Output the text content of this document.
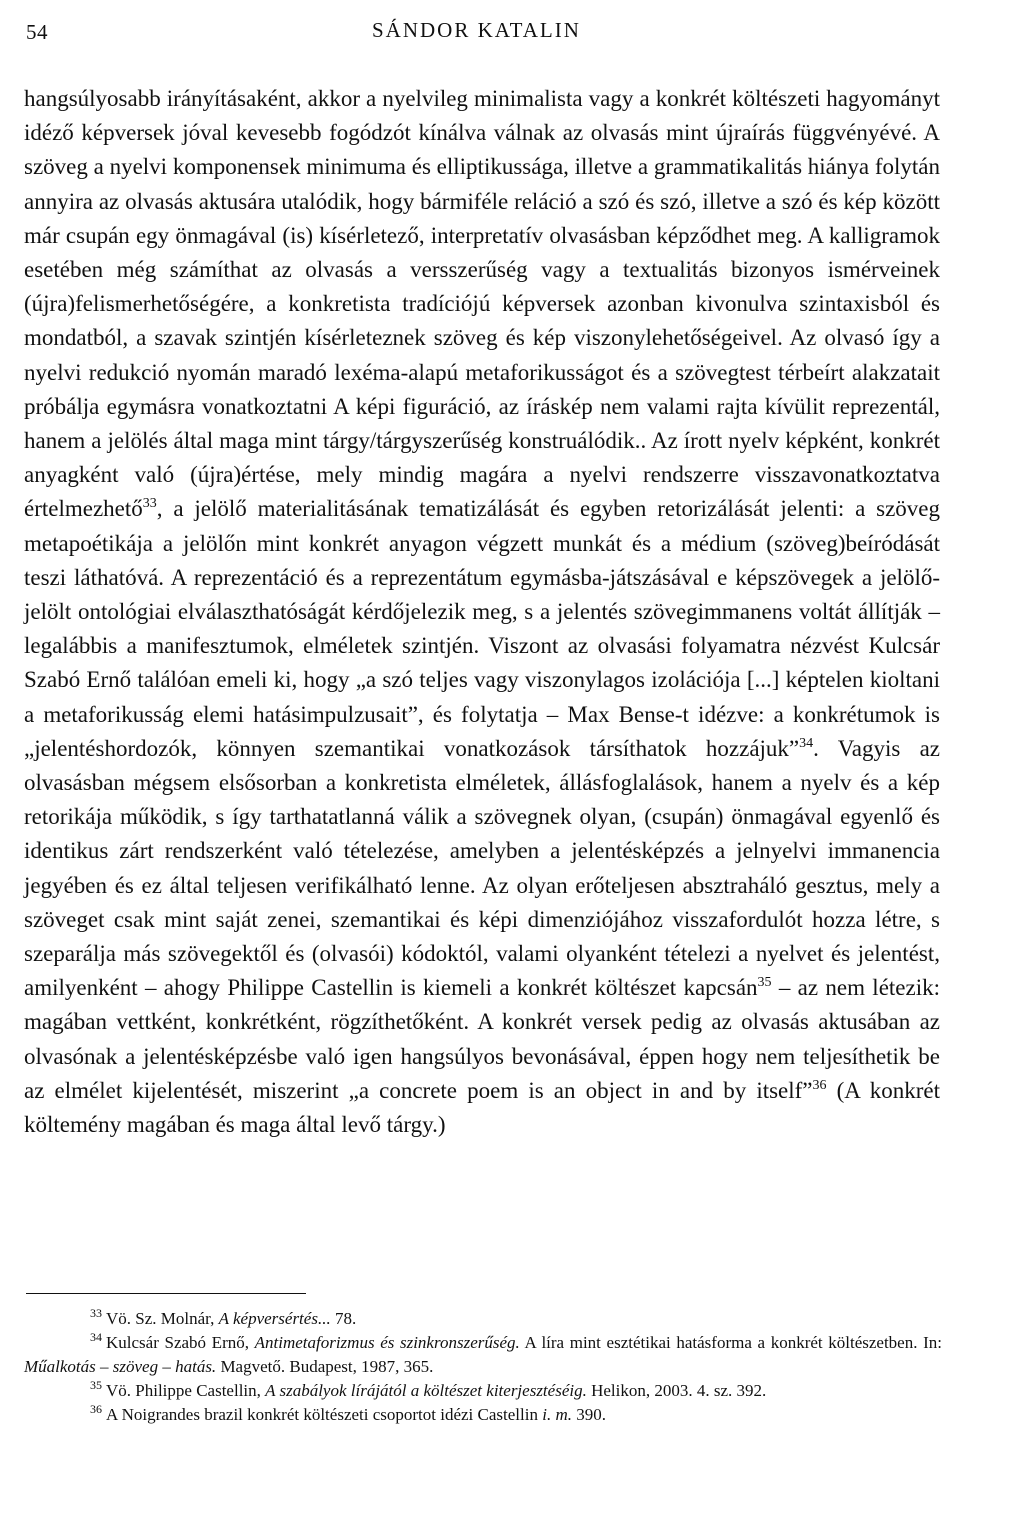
54	SÁNDOR KATALIN

hangsúlyosabb irányításaként, akkor a nyelvileg minimalista vagy a konkrét költészeti hagyományt idéző képversek jóval kevesebb fogódzót kínálva válnak az olvasás mint újraírás függvényévé. A szöveg a nyelvi komponensek minimuma és elliptikussága, illetve a grammatikalitás hiánya folytán annyira az olvasás aktusára utalódik, hogy bármiféle reláció a szó és szó, illetve a szó és kép között már csupán egy önmagával (is) kísérletező, interpretatív olvasásban képződhet meg. A kalligramok esetében még számíthat az olvasás a versszerűség vagy a textualitás bizonyos ismérveinek (újra)felismerhetőségére, a konkretista tradíciójú képversek azonban kivonulva szintaxisból és mondatból, a szavak szintjén kísérleteznek szöveg és kép viszonylehetőségeivel. Az olvasó így a nyelvi redukció nyomán maradó lexéma-alapú metaforikusságot és a szövegtest térbeírt alakzatait próbálja egymásra vonatkoztatni A képi figuráció, az íráskép nem valami rajta kívülit reprezentál, hanem a jelölés által maga mint tárgy/tárgyszerűség konstruálódik.. Az írott nyelv képként, konkrét anyagként való (újra)értése, mely mindig magára a nyelvi rendszerre visszavonatkoztatva értelmezhető$^{33}$, a jelölő materialitásának tematizálását és egyben retorizálását jelenti: a szöveg metapoétikája a jelölőn mint konkrét anyagon végzett munkát és a médium (szöveg)beíródását teszi láthatóvá. A reprezentáció és a reprezentátum egymásba-játszásával e képszövegek a jelölő-jelölt ontológiai elválaszthatóságát kérdőjelezik meg, s a jelentés szövegimmanens voltát állítják – legalábbis a manifesztumok, elméletek szintjén. Viszont az olvasási folyamatra nézvést Kulcsár Szabó Ernő találóan emeli ki, hogy „a szó teljes vagy viszonylagos izolációja [...] képtelen kioltani a metaforikusság elemi hatásimpulzusait”, és folytatja – Max Bense-t idézve: a konkrétumok is „jelentéshordozók, könnyen szemantikai vonatkozások társíthatok hozzájuk”$^{34}$. Vagyis az olvasásban mégsem elsősorban a konkretista elméletek, állásfoglalások, hanem a nyelv és a kép retorikája működik, s így tarthatatlanná válik a szövegnek olyan, (csupán) önmagával egyenlő és identikus zárt rendszerként való tételezése, amelyben a jelentésképzés a jelnyelvi immanencia jegyében és ez által teljesen verifikálható lenne. Az olyan erőteljesen absztraháló gesztus, mely a szöveget csak mint saját zenei, szemantikai és képi dimenziójához visszafordulót hozza létre, s szeparálja más szövegektől és (olvasói) kódoktól, valami olyanként tételezi a nyelvet és jelentést, amilyenként – ahogy Philippe Castellin is kiemeli a konkrét költészet kapcsán$^{35}$ – az nem létezik: magában vettként, konkrétként, rögzíthetőként. A konkrét versek pedig az olvasás aktusában az olvasónak a jelentésképzésbe való igen hangsúlyos bevonásával, éppen hogy nem teljesíthetik be az elmélet kijelentését, miszerint „a concrete poem is an object in and by itself”$^{36}$ (A konkrét költemény magában és maga által levő tárgy.)

$^{33}$ Vö. Sz. Molnár, A képversértés... 78.

$^{34}$ Kulcsár Szabó Ernő, Antimetaforizmus és szinkronszerűség. A líra mint esztétikai hatásforma a konkrét költészetben. In: Műalkotás – szöveg – hatás. Magvető. Budapest, 1987, 365.

$^{35}$ Vö. Philippe Castellin, A szabályok lírájától a költészet kiterjesztéséig. Helikon, 2003. 4. sz. 392.

$^{36}$ A Noigrandes brazil konkrét költészeti csoportot idézi Castellin i. m. 390.
